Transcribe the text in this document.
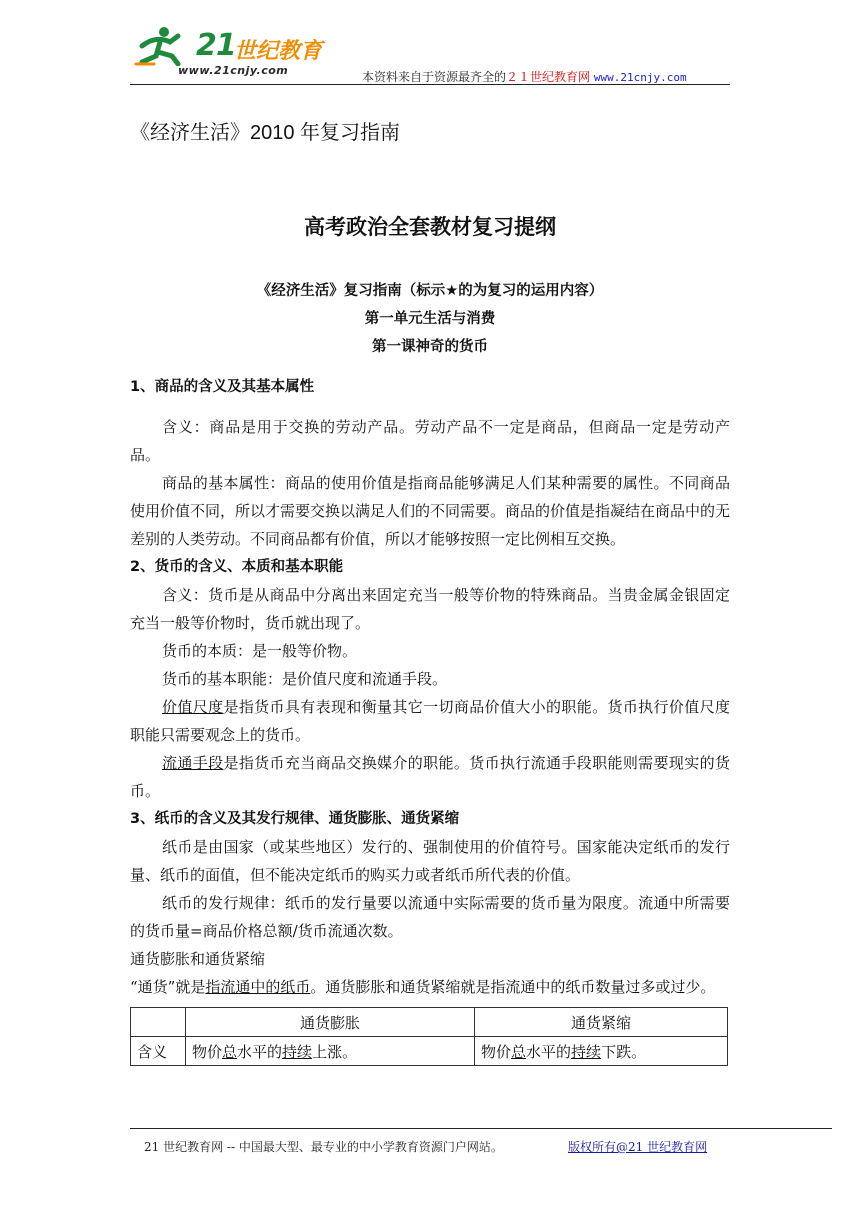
21
世纪教育
www.21cnjy.com	本资料来自于资源最齐全的２１世纪教育网 www.21cnjy.com
《经济生活》2010 年复习指南
高考政治全套教材复习提纲

《经济生活》复习指南（标示★的为复习的运用内容）

第一单元生活与消费

第一课神奇的货币

1、商品的含义及其基本属性

含义：商品是用于交换的劳动产品。劳动产品不一定是商品，但商品一定是劳动产品。

商品的基本属性：商品的使用价值是指商品能够满足人们某种需要的属性。不同商品使用价值不同，所以才需要交换以满足人们的不同需要。商品的价值是指凝结在商品中的无差别的人类劳动。不同商品都有价值，所以才能够按照一定比例相互交换。

2、货币的含义、本质和基本职能

含义：货币是从商品中分离出来固定充当一般等价物的特殊商品。当贵金属金银固定充当一般等价物时，货币就出现了。

货币的本质：是一般等价物。

货币的基本职能：是价值尺度和流通手段。

价值尺度是指货币具有表现和衡量其它一切商品价值大小的职能。货币执行价值尺度职能只需要观念上的货币。

流通手段是指货币充当商品交换媒介的职能。货币执行流通手段职能则需要现实的货币。

3、纸币的含义及其发行规律、通货膨胀、通货紧缩

纸币是由国家（或某些地区）发行的、强制使用的价值符号。国家能决定纸币的发行量、纸币的面值，但不能决定纸币的购买力或者纸币所代表的价值。

纸币的发行规律：纸币的发行量要以流通中实际需要的货币量为限度。流通中所需要的货币量=商品价格总额/货币流通次数。

通货膨胀和通货紧缩

“通货”就是指流通中的纸币。通货膨胀和通货紧缩就是指流通中的纸币数量过多或过少。

	通货膨胀	通货紧缩
含义	物价总水平的持续上涨。	物价总水平的持续下跌。
21 世纪教育网 -- 中国最大型、最专业的中小学教育资源门户网站。	版权所有@21 世纪教育网
